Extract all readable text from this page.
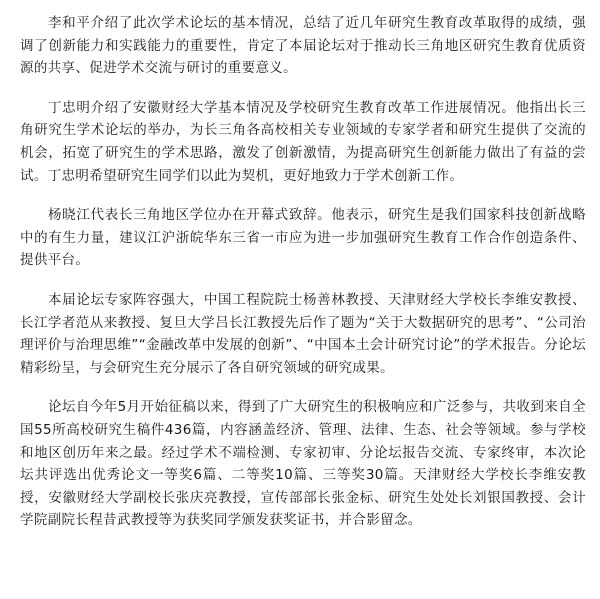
李和平介绍了此次学术论坛的基本情况，总结了近几年研究生教育改革取得的成绩，强调了创新能力和实践能力的重要性，肯定了本届论坛对于推动长三角地区研究生教育优质资源的共享、促进学术交流与研讨的重要意义。

丁忠明介绍了安徽财经大学基本情况及学校研究生教育改革工作进展情况。他指出长三角研究生学术论坛的举办，为长三角各高校相关专业领域的专家学者和研究生提供了交流的机会，拓宽了研究生的学术思路，激发了创新激情，为提高研究生创新能力做出了有益的尝试。丁忠明希望研究生同学们以此为契机，更好地致力于学术创新工作。

杨晓江代表长三角地区学位办在开幕式致辞。他表示，研究生是我们国家科技创新战略中的有生力量，建议江沪浙皖华东三省一市应为进一步加强研究生教育工作合作创造条件、提供平台。

本届论坛专家阵容强大，中国工程院院士杨善林教授、天津财经大学校长李维安教授、长江学者范从来教授、复旦大学吕长江教授先后作了题为“关于大数据研究的思考”、“公司治理评价与治理思维”“金融改革中发展的创新”、“中国本土会计研究讨论”的学术报告。分论坛精彩纷呈，与会研究生充分展示了各自研究领域的研究成果。

论坛自今年5月开始征稿以来，得到了广大研究生的积极响应和广泛参与，共收到来自全国55所高校研究生稿件436篇，内容涵盖经济、管理、法律、生态、社会等领域。参与学校和地区创历年来之最。经过学术不端检测、专家初审、分论坛报告交流、专家终审，本次论坛共评选出优秀论文一等奖6篇、二等奖10篇、三等奖30篇。天津财经大学校长李维安教授，安徽财经大学副校长张庆亮教授，宣传部部长张金标、研究生处处长刘银国教授、会计学院副院长程昔武教授等为获奖同学颁发获奖证书，并合影留念。
